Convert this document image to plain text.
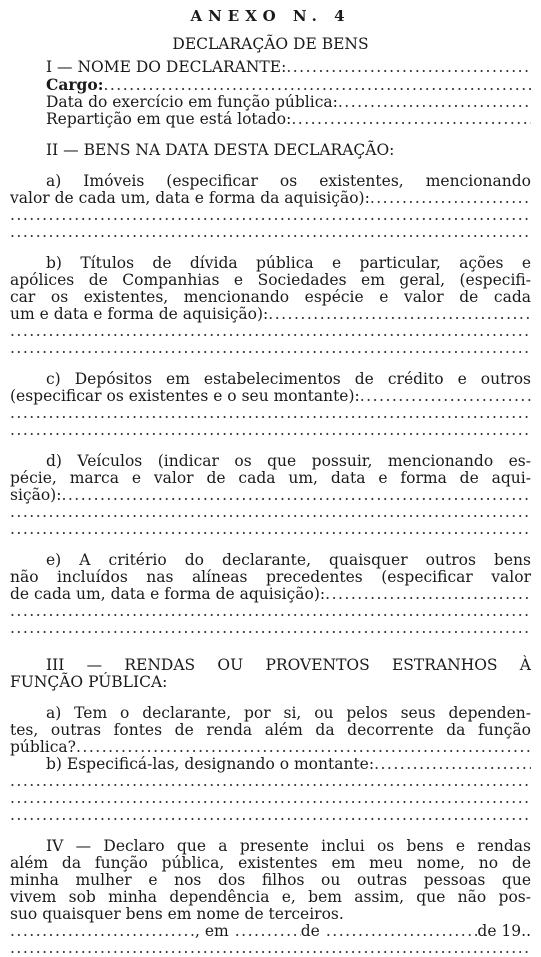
ANEXO N. 4
DECLARAÇÃO DE BENS
I — NOME DO DECLARANTE:
.....
Cargo:
.....
Data do exercício em função pública:
.....
Repartição em que está lotado:
.....
II — BENS NA DATA DESTA DECLARAÇÃO:
a) Imóveis (especificar os existentes, mencionando
valor de cada um, data e forma da aquisição):
.....
.....
.....
b) Títulos de dívida pública e particular, ações e
apólices de Companhias e Sociedades em geral, (especifi-
car os existentes, mencionando espécie e valor de cada
um e data e forma de aquisição):
.....
.....
.....
c) Depósitos em estabelecimentos de crédito e outros
(especificar os existentes e o seu montante):
.....
.....
.....
d) Veículos (indicar os que possuir, mencionando es-
pécie, marca e valor de cada um, data e forma de aqui-
sição):
.....
.....
.....
e) A critério do declarante, quaisquer outros bens
não incluídos nas alíneas precedentes (especificar valor
de cada um, data e forma de aquisição):
.....
.....
.....
III — RENDAS OU PROVENTOS ESTRANHOS À
FUNÇÃO PÚBLICA:
a) Tem o declarante, por si, ou pelos seus dependen-
tes, outras fontes de renda além da decorrente da função
pública?
.....
b) Especificá-las, designando o montante:
.....
.....
.....
.....
IV — Declaro que a presente inclui os bens e rendas
além da função pública, existentes em meu nome, no de
minha mulher e nos dos filhos ou outras pessoas que
vivem sob minha dependência e, bem assim, que não pos-
suo quaisquer bens em nome de terceiros.
.....
, em .....	de .....	de 19..
.....
